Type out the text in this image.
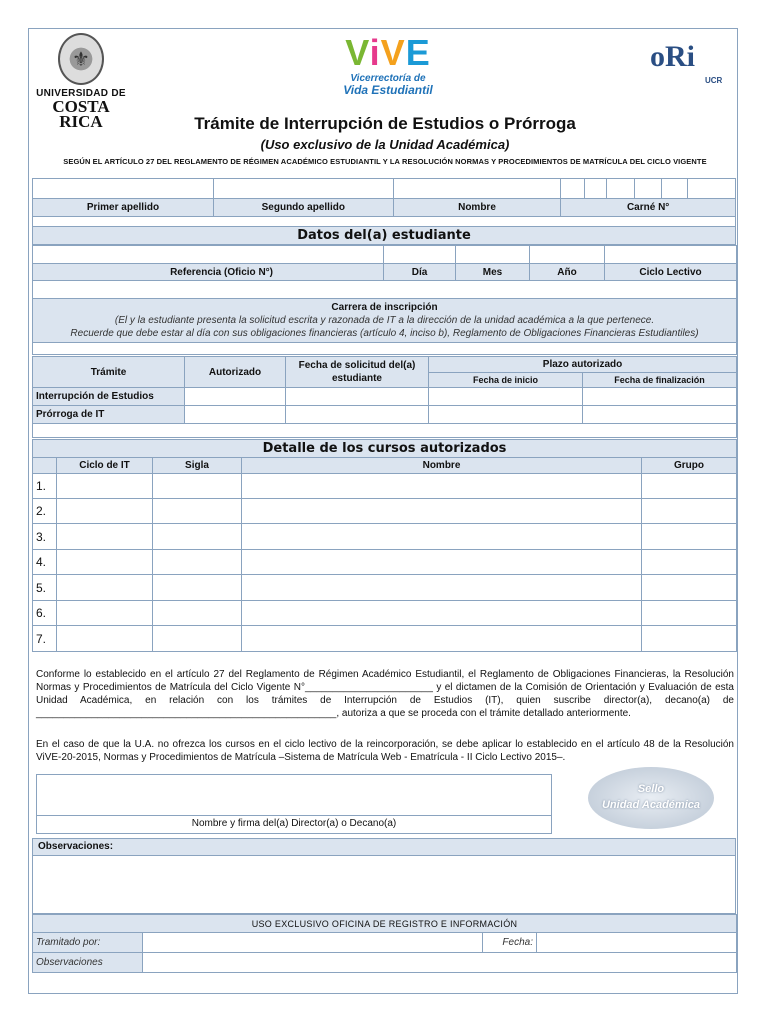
⚜
UNIVERSIDAD DE
COSTA RICA
ViVE
Vicerrectoría de
Vida Estudiantil
oRi
UCR
Trámite de Interrupción de Estudios o Prórroga
(Uso exclusivo de la Unidad Académica)
SEGÚN EL ARTÍCULO 27 DEL REGLAMENTO DE RÉGIMEN ACADÉMICO ESTUDIANTIL Y LA RESOLUCIÓN NORMAS Y PROCEDIMIENTOS DE MATRÍCULA DEL CICLO VIGENTE

Primer apellido	Segundo apellido	Nombre	Carné N°					

Datos del(a) estudiante								

Referencia (Oficio N°)	Día	Mes	Año	Ciclo Lectivo

Carrera de inscripción
(El y la estudiante presenta la solicitud escrita y razonada de IT a la dirección de la unidad académica a la que pertenece.
Recuerde que debe estar al día con sus obligaciones financieras (artículo 4, inciso b), Reglamento de Obligaciones Financieras Estudiantiles)				

Trámite	Autorizado	Fecha de solicitud del(a) estudiante	Plazo autorizado	
			Fecha de inicio	Fecha de finalización
Interrupción de Estudios				
Prórroga de IT				

Detalle de los cursos autorizados				
	Ciclo de IT	Sigla	Nombre	Grupo
1.				
2.				
3.				
4.				
5.				
6.				
7.				
Conforme lo establecido en el artículo 27 del Reglamento de Régimen Académico Estudiantil, el Reglamento de Obligaciones Financieras, la Resolución Normas y Procedimientos de Matrícula del Ciclo Vigente N°_______________________ y el dictamen de la Comisión de Orientación y Evaluación de esta Unidad Académica, en relación con los trámites de Interrupción de Estudios (IT), quien suscribe director(a), decano(a) de ______________________________________________________, autoriza a que se proceda con el trámite detallado anteriormente.
En el caso de que la U.A. no ofrezca los cursos en el ciclo lectivo de la reincorporación, se debe aplicar lo establecido en el artículo 48 de la Resolución ViVE-20-2015, Normas y Procedimientos de Matrícula –Sistema de Matrícula Web - Ematrícula - II Ciclo Lectivo 2015–.
Nombre y firma del(a) Director(a) o Decano(a)
Sello
Unidad Académica
Observaciones:
USO EXCLUSIVO OFICINA DE REGISTRO E INFORMACIÓN			
Tramitado por:		Fecha:	
Observaciones			
